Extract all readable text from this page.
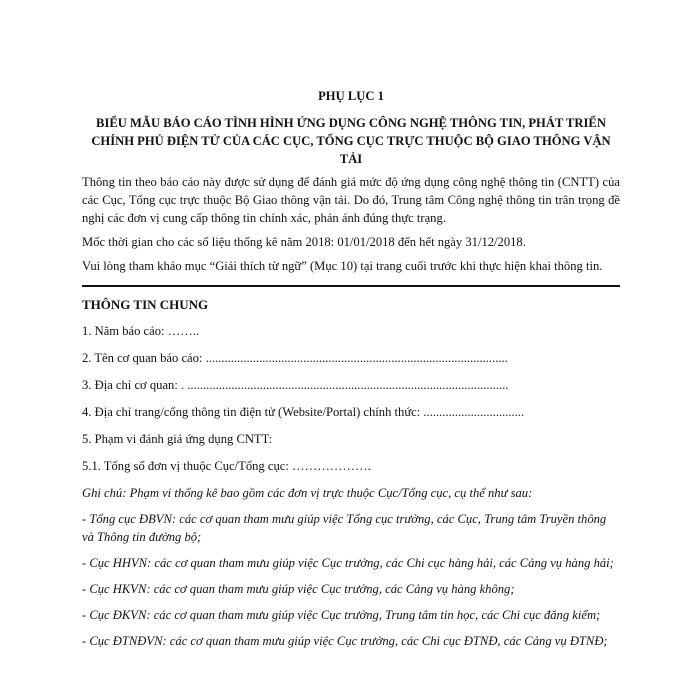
PHỤ LỤC 1
BIỂU MẪU BÁO CÁO TÌNH HÌNH ỨNG DỤNG CÔNG NGHỆ THÔNG TIN, PHÁT TRIỂN
CHÍNH PHỦ ĐIỆN TỬ CỦA CÁC CỤC, TỔNG CỤC TRỰC THUỘC BỘ GIAO THÔNG VẬN
TẢI

Thông tin theo báo cáo này được sử dụng để đánh giá mức độ ứng dụng công nghệ thông tin (CNTT) của các Cục, Tổng cục trực thuộc Bộ Giao thông vận tải. Do đó, Trung tâm Công nghệ thông tin trân trọng đề nghị các đơn vị cung cấp thông tin chính xác, phản ánh đúng thực trạng.

Mốc thời gian cho các số liệu thống kê năm 2018: 01/01/2018 đến hết ngày 31/12/2018.

Vui lòng tham khảo mục “Giải thích từ ngữ” (Mục 10) tại trang cuối trước khi thực hiện khai thông tin.

THÔNG TIN CHUNG
1. Năm báo cáo: ……..
2. Tên cơ quan báo cáo: ................................................................................................
3. Địa chỉ cơ quan: . ......................................................................................................
4. Địa chỉ trang/cổng thông tin điện tử (Website/Portal) chính thức: ................................
5. Phạm vi đánh giá ứng dụng CNTT:
5.1. Tổng số đơn vị thuộc Cục/Tổng cục: ……………….
Ghi chú: Phạm vi thống kê bao gồm các đơn vị trực thuộc Cục/Tổng cục, cụ thể như sau:
- Tổng cục ĐBVN: các cơ quan tham mưu giúp việc Tổng cục trưởng, các Cục, Trung tâm Truyền thông và Thông tin đường bộ;
- Cục HHVN: các cơ quan tham mưu giúp việc Cục trưởng, các Chi cục hàng hải, các Cảng vụ hàng hải;
- Cục HKVN: các cơ quan tham mưu giúp việc Cục trưởng, các Cảng vụ hàng không;
- Cục ĐKVN: các cơ quan tham mưu giúp việc Cục trưởng, Trung tâm tin học, các Chi cục đăng kiểm;
- Cục ĐTNĐVN: các cơ quan tham mưu giúp việc Cục trưởng, các Chi cục ĐTNĐ, các Cảng vụ ĐTNĐ;
